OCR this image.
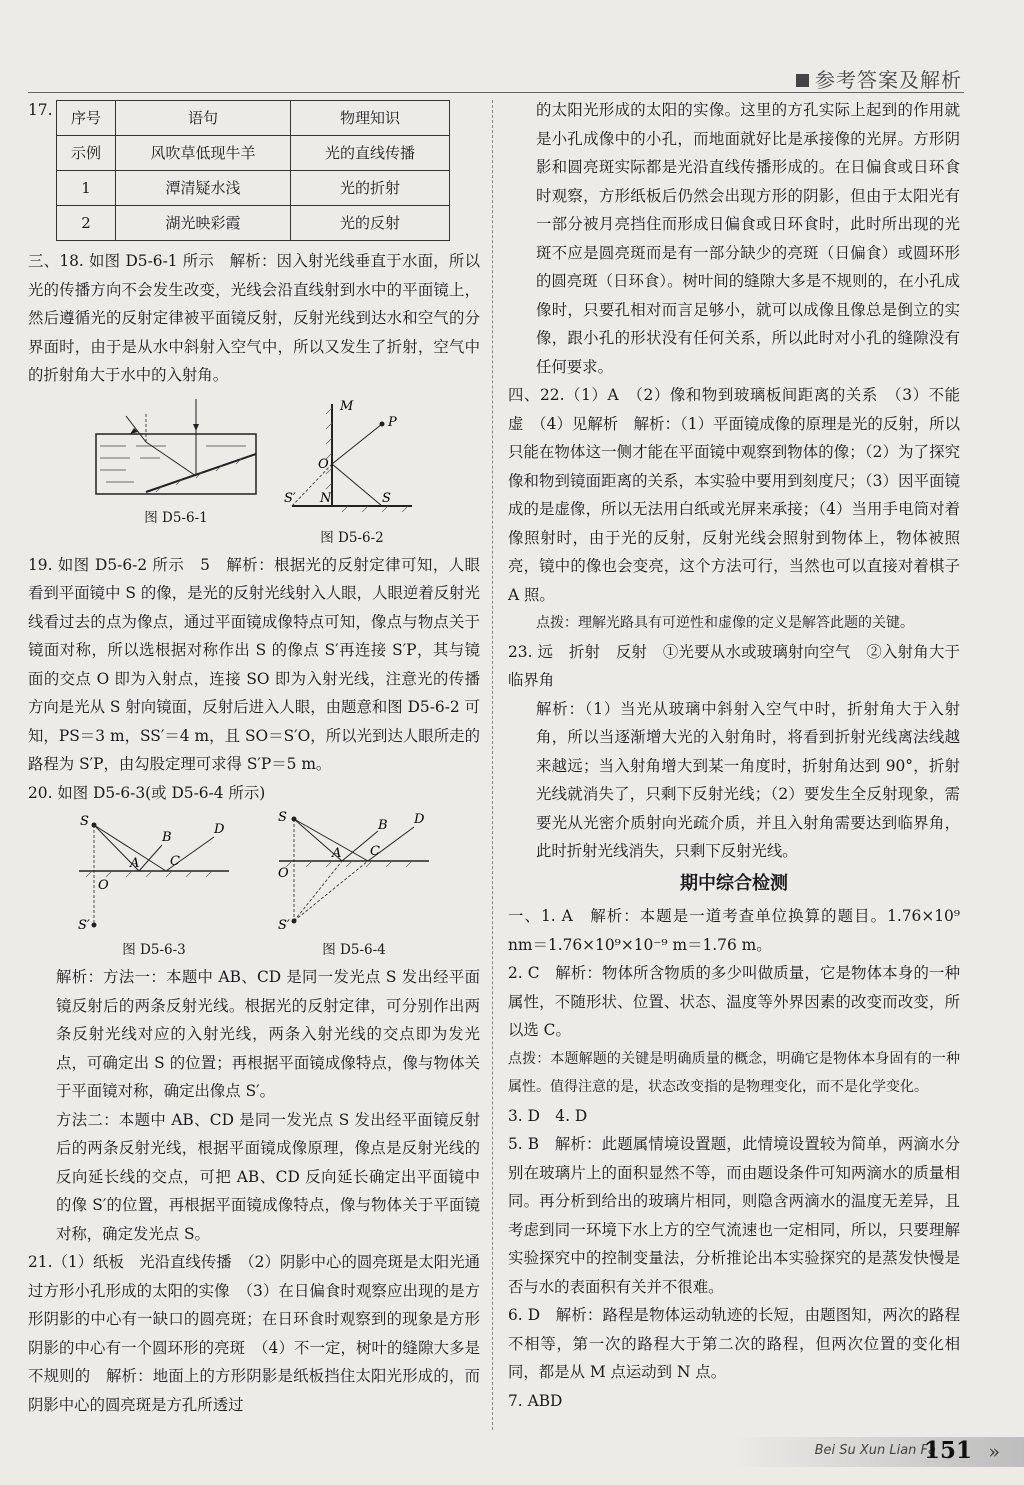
参考答案及解析
17. 序号	语句	物理知识
示例	风吹草低现牛羊	光的直线传播
1	潭清疑水浅	光的折射
2	湖光映彩霞	光的反射

三、18. 如图 D5-6-1 所示　解析：因入射光线垂直于水面，所以光的传播方向不会发生改变，光线会沿直线射到水中的平面镜上，然后遵循光的反射定律被平面镜反射，反射光线到达水和空气的分界面时，由于是从水中斜射入空气中，所以又发生了折射，空气中的折射角大于水中的入射角。

图 D5-6-1
M
P
O
S′ N	S
图 D5-6-2

19. 如图 D5-6-2 所示　5　解析：根据光的反射定律可知，人眼看到平面镜中 S 的像，是光的反射光线射入人眼，人眼逆着反射光线看过去的点为像点，通过平面镜成像特点可知，像点与物点关于镜面对称，所以选根据对称作出 S 的像点 S′再连接 S′P，其与镜面的交点 O 即为入射点，连接 SO 即为入射光线，注意光的传播方向是光从 S 射向镜面，反射后进入人眼，由题意和图 D5-6-2 可知，PS＝3 m，SS′＝4 m，且 SO＝S′O，所以光到达人眼所走的路程为 S′P，由勾股定理可求得 S′P＝5 m。

20. 如图 D5-6-3(或 D5-6-4 所示)

S
B
D
A C
O
S′
图 D5-6-3
S	D
B
A C
O
S′
图 D5-6-4

解析：方法一：本题中 AB、CD 是同一发光点 S 发出经平面镜反射后的两条反射光线。根据光的反射定律，可分别作出两条反射光线对应的入射光线，两条入射光线的交点即为发光点，可确定出 S 的位置；再根据平面镜成像特点，像与物体关于平面镜对称，确定出像点 S′。

方法二：本题中 AB、CD 是同一发光点 S 发出经平面镜反射后的两条反射光线，根据平面镜成像原理，像点是反射光线的反向延长线的交点，可把 AB、CD 反向延长确定出平面镜中的像 S′的位置，再根据平面镜成像特点，像与物体关于平面镜对称，确定发光点 S。

21.（1）纸板　光沿直线传播　（2）阴影中心的圆亮斑是太阳光通过方形小孔形成的太阳的实像　（3）在日偏食时观察应出现的是方形阴影的中心有一缺口的圆亮斑；在日环食时观察到的现象是方形阴影的中心有一个圆环形的亮斑　（4）不一定，树叶的缝隙大多是不规则的　解析：地面上的方形阴影是纸板挡住太阳光形成的，而阴影中心的圆亮斑是方孔所透过

的太阳光形成的太阳的实像。这里的方孔实际上起到的作用就是小孔成像中的小孔，而地面就好比是承接像的光屏。方形阴影和圆亮斑实际都是光沿直线传播形成的。在日偏食或日环食时观察，方形纸板后仍然会出现方形的阴影，但由于太阳光有一部分被月亮挡住而形成日偏食或日环食时，此时所出现的光斑不应是圆亮斑而是有一部分缺少的亮斑（日偏食）或圆环形的圆亮斑（日环食）。树叶间的缝隙大多是不规则的，在小孔成像时，只要孔相对而言足够小，就可以成像且像总是倒立的实像，跟小孔的形状没有任何关系，所以此时对小孔的缝隙没有任何要求。

四、22.（1）A　（2）像和物到玻璃板间距离的关系　（3）不能　虚　（4）见解析　解析：（1）平面镜成像的原理是光的反射，所以只能在物体这一侧才能在平面镜中观察到物体的像；（2）为了探究像和物到镜面距离的关系，本实验中要用到刻度尺；（3）因平面镜成的是虚像，所以无法用白纸或光屏来承接；（4）当用手电筒对着像照射时，由于光的反射，反射光线会照射到物体上，物体被照亮，镜中的像也会变亮，这个方法可行，当然也可以直接对着棋子 A 照。

点拨：理解光路具有可逆性和虚像的定义是解答此题的关键。

23. 远　折射　反射　①光要从水或玻璃射向空气　②入射角大于临界角

解析：（1）当光从玻璃中斜射入空气中时，折射角大于入射角，所以当逐渐增大光的入射角时，将看到折射光线离法线越来越远；当入射角增大到某一角度时，折射角达到 90°，折射光线就消失了，只剩下反射光线；（2）要发生全反射现象，需要光从光密介质射向光疏介质，并且入射角需要达到临界角，此时折射光线消失，只剩下反射光线。

期中综合检测

一、1. A　解析：本题是一道考查单位换算的题目。1.76×10⁹ nm＝1.76×10⁹×10⁻⁹ m＝1.76 m。

2. C　解析：物体所含物质的多少叫做质量，它是物体本身的一种属性，不随形状、位置、状态、温度等外界因素的改变而改变，所以选 C。

点拨：本题解题的关键是明确质量的概念，明确它是物体本身固有的一种属性。值得注意的是，状态改变指的是物理变化，而不是化学变化。

3. D　4. D

5. B　解析：此题属情境设置题，此情境设置较为简单，两滴水分别在玻璃片上的面积显然不等，而由题设条件可知两滴水的质量相同。再分析到给出的玻璃片相同，则隐含两滴水的温度无差异，且考虑到同一环境下水上方的空气流速也一定相同，所以，只要理解实验探究中的控制变量法，分析推论出本实验探究的是蒸发快慢是否与水的表面积有关并不很难。

6. D　解析：路程是物体运动轨迹的长短，由题图知，两次的路程不相等，第一次的路程大于第二次的路程，但两次位置的变化相同，都是从 M 点运动到 N 点。

7. ABD

Bei Su Xun Lian Fa
151 »
